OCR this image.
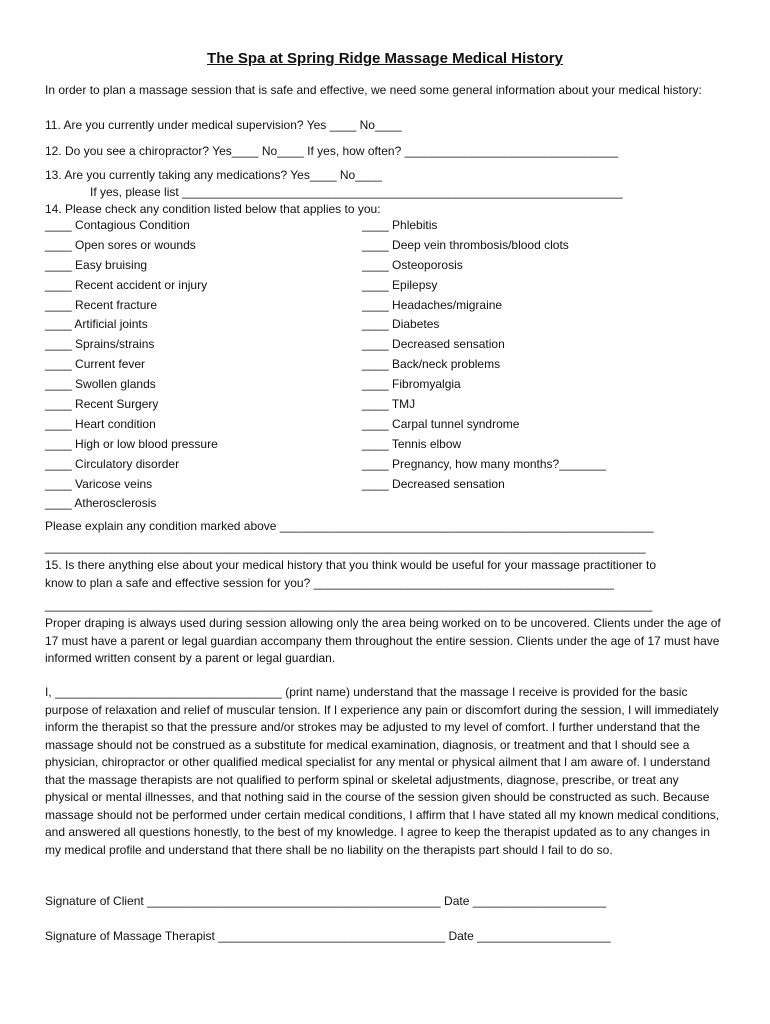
The Spa at Spring Ridge Massage Medical History
In order to plan a massage session that is safe and effective, we need some general information about your medical history:
11. Are you currently under medical supervision? Yes ____ No____
12. Do you see a chiropractor? Yes____ No____ If yes, how often? ________________________________
13. Are you currently taking any medications? Yes____ No____
If yes, please list __________________________________________________________________
14. Please check any condition listed below that applies to you:
____ Contagious Condition
____ Open sores or wounds
____ Easy bruising
____ Recent accident or injury
____ Recent fracture
____ Artificial joints
____ Sprains/strains
____ Current fever
____ Swollen glands
____ Recent Surgery
____ Heart condition
____ High or low blood pressure
____ Circulatory disorder
____ Varicose veins
____ Atherosclerosis
____ Phlebitis
____ Deep vein thrombosis/blood clots
____ Osteoporosis
____ Epilepsy
____ Headaches/migraine
____ Diabetes
____ Decreased sensation
____ Back/neck problems
____ Fibromyalgia
____ TMJ
____ Carpal tunnel syndrome
____ Tennis elbow
____ Pregnancy, how many months?_______
____ Decreased sensation
Please explain any condition marked above ________________________________________________________
__________________________________________________________________________________________
15. Is there anything else about your medical history that you think would be useful for your massage practitioner to
know to plan a safe and effective session for you? _____________________________________________
___________________________________________________________________________________________
Proper draping is always used during session allowing only the area being worked on to be uncovered. Clients under the age of 17 must have a parent or legal guardian accompany them throughout the entire session. Clients under the age of 17 must have informed written consent by a parent or legal guardian.
I, __________________________________ (print name) understand that the massage I receive is provided for the basic purpose of relaxation and relief of muscular tension. If I experience any pain or discomfort during the session, I will immediately inform the therapist so that the pressure and/or strokes may be adjusted to my level of comfort. I further understand that the massage should not be construed as a substitute for medical examination, diagnosis, or treatment and that I should see a physician, chiropractor or other qualified medical specialist for any mental or physical ailment that I am aware of. I understand that the massage therapists are not qualified to perform spinal or skeletal adjustments, diagnose, prescribe, or treat any physical or mental illnesses, and that nothing said in the course of the session given should be constructed as such. Because massage should not be performed under certain medical conditions, I affirm that I have stated all my known medical conditions, and answered all questions honestly, to the best of my knowledge. I agree to keep the therapist updated as to any changes in my medical profile and understand that there shall be no liability on the therapists part should I fail to do so.
Signature of Client ____________________________________________ Date ____________________
Signature of Massage Therapist __________________________________ Date ____________________
